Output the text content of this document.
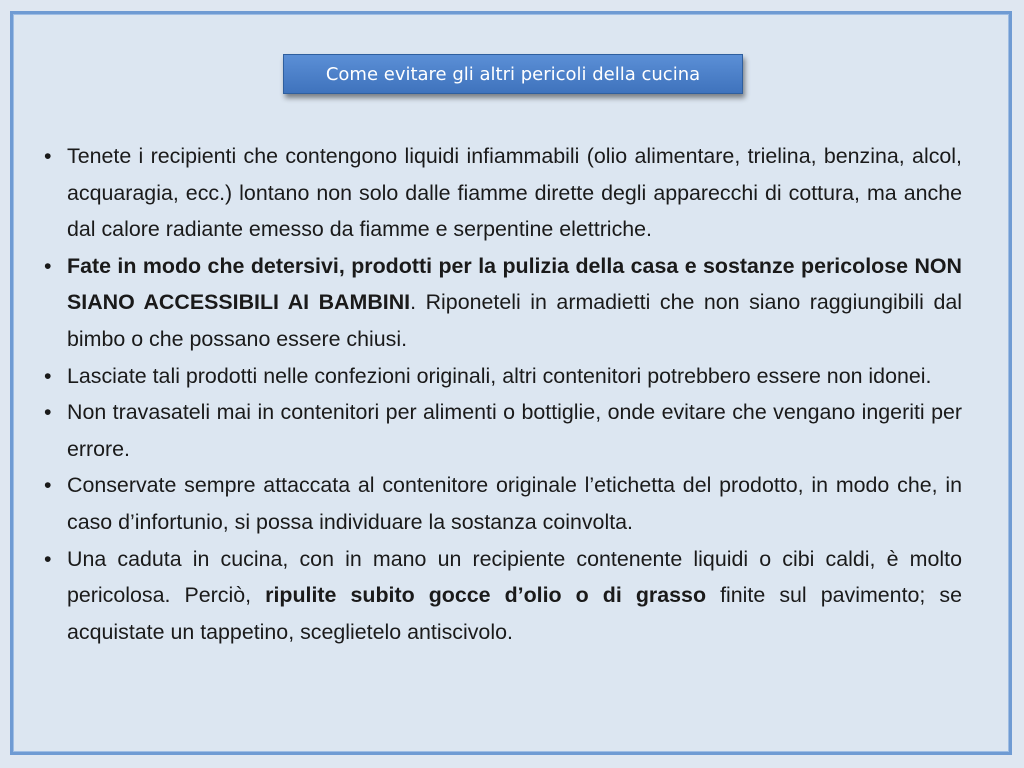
Come evitare gli altri pericoli della cucina
• Tenete i recipienti che contengono liquidi infiammabili (olio alimentare, trielina, benzina, alcol, acquaragia, ecc.) lontano non solo dalle fiamme dirette degli apparecchi di cottura, ma anche dal calore radiante emesso da fiamme e serpentine elettriche.
• Fate in modo che detersivi, prodotti per la pulizia della casa e sostanze pericolose NON SIANO ACCESSIBILI AI BAMBINI. Riponeteli in armadietti che non siano raggiungibili dal bimbo o che possano essere chiusi.
• Lasciate tali prodotti nelle confezioni originali, altri contenitori potrebbero essere non idonei.
• Non travasateli mai in contenitori per alimenti o bottiglie, onde evitare che vengano ingeriti per errore.
• Conservate sempre attaccata al contenitore originale l’etichetta del prodotto, in modo che, in caso d’infortunio, si possa individuare la sostanza coinvolta.
• Una caduta in cucina, con in mano un recipiente contenente liquidi o cibi caldi, è molto pericolosa. Perciò, ripulite subito gocce d’olio o di grasso finite sul pavimento; se acquistate un tappetino, sceglietelo antiscivolo.
